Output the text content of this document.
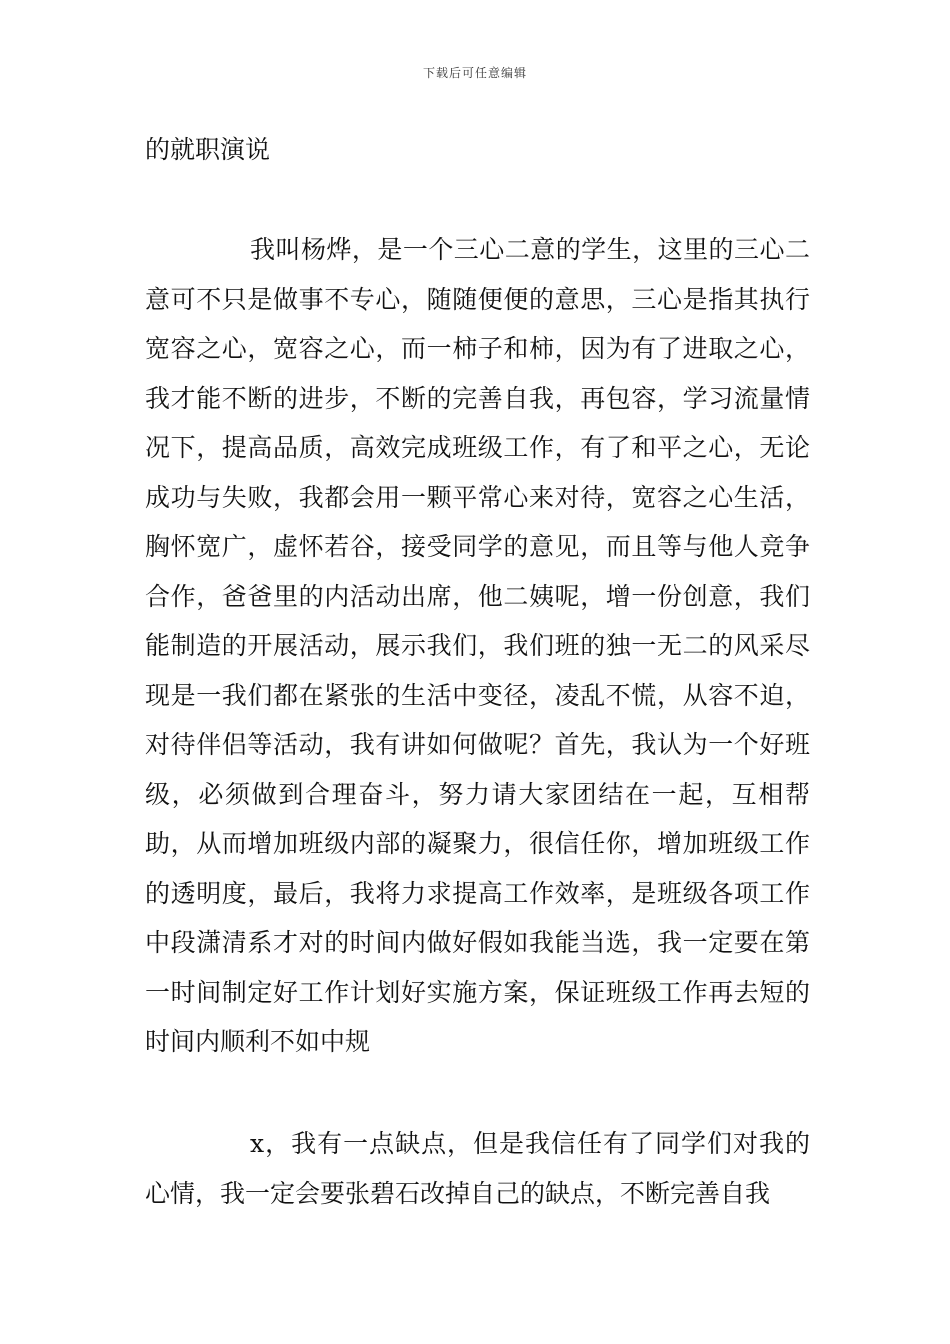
下载后可任意编辑
的就职演说

我叫杨烨，是一个三心二意的学生，这里的三心二意可不只是做事不专心，随随便便的意思，三心是指其执行宽容之心，宽容之心，而一柿子和柿，因为有了进取之心，我才能不断的进步，不断的完善自我，再包容，学习流量情况下，提高品质，高效完成班级工作，有了和平之心，无论成功与失败，我都会用一颗平常心来对待，宽容之心生活，胸怀宽广，虚怀若谷，接受同学的意见，而且等与他人竞争合作，爸爸里的内活动出席，他二姨呢，增一份创意，我们能制造的开展活动，展示我们，我们班的独一无二的风采尽现是一我们都在紧张的生活中变径，凌乱不慌，从容不迫，对待伴侣等活动，我有讲如何做呢？首先，我认为一个好班级，必须做到合理奋斗，努力请大家团结在一起，互相帮助，从而增加班级内部的凝聚力，很信任你，增加班级工作的透明度，最后，我将力求提高工作效率，是班级各项工作中段潇清系才对的时间内做好假如我能当选，我一定要在第一时间制定好工作计划好实施方案，保证班级工作再去短的时间内顺利不如中规

x，我有一点缺点，但是我信任有了同学们对我的心情，我一定会要张碧石改掉自己的缺点，不断完善自我
